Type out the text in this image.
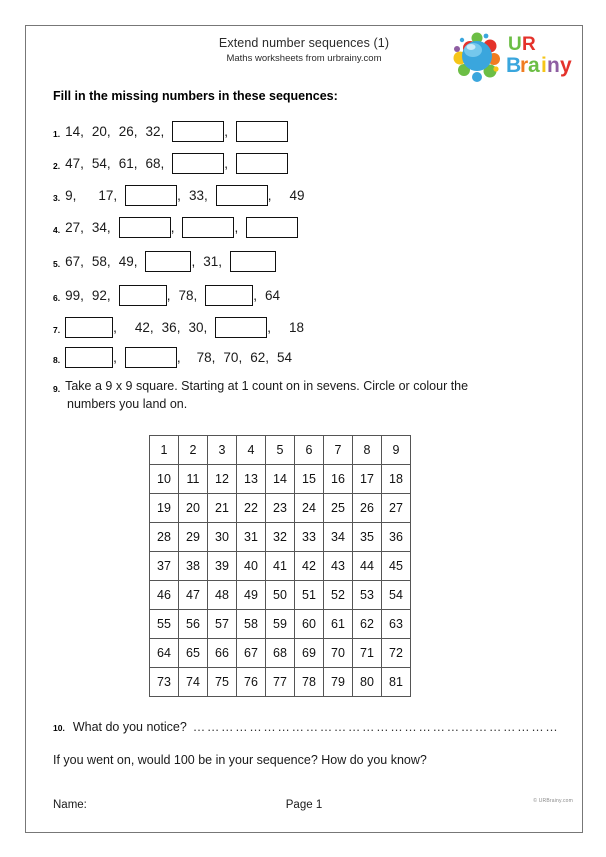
Extend number sequences (1)
Maths worksheets from urbrainy.com
U R
B
r a i n y
Fill in the missing numbers in these sequences:
1. 14 , 20 , 26 , 32 ,	,
2. 47 , 54 , 61 , 68 ,	,
3. 9 , 17 ,	, 33 ,	, 49
4. 27 , 34 ,	,	,
5. 67 , 58 , 49 ,	, 31 ,
6. 99 , 92 ,	, 78 ,	, 64
7.	, 42 , 36 , 30 ,	, 18
8.	,	, 78 , 70 , 62 , 54
9. Take a 9 x 9 square. Starting at 1 count on in sevens. Circle or colour the
numbers you land on.
1	2	3	4	5	6	7	8	9
10	11	12	13	14	15	16	17	18
19	20	21	22	23	24	25	26	27
28	29	30	31	32	33	34	35	36
37	38	39	40	41	42	43	44	45
46	47	48	49	50	51	52	53	54
55	56	57	58	59	60	61	62	63
64	65	66	67	68	69	70	71	72
73	74	75	76	77	78	79	80	81
10. What do you notice? ……………………………………………………………………
If you went on, would 100 be in your sequence? How do you know?
Name:	Page 1	© URBrainy.com
